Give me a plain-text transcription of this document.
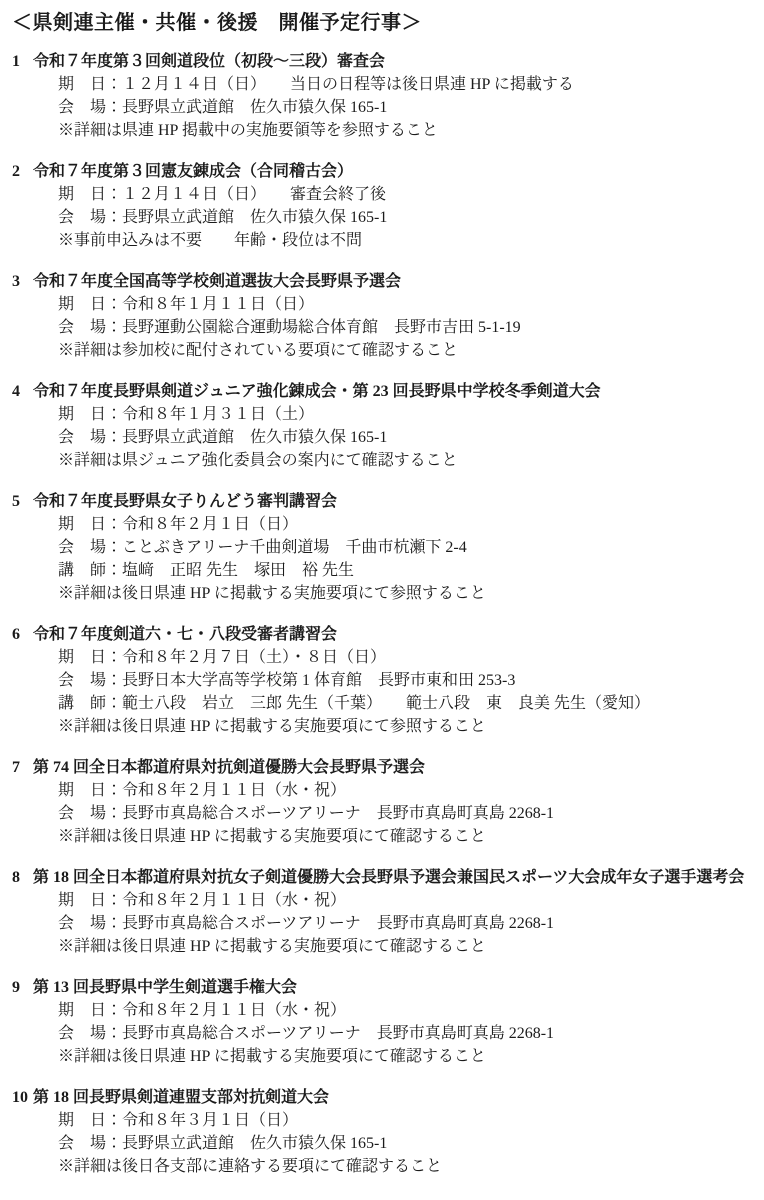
＜県剣連主催・共催・後援　開催予定行事＞
1 令和７年度第３回剣道段位（初段～三段）審査会

期　日：１２月１４日（日）　　当日の日程等は後日県連 HP に掲載する

会　場：長野県立武道館　佐久市猿久保 165-1

※詳細は県連 HP 掲載中の実施要領等を参照すること

2 令和７年度第３回憲友錬成会（合同稽古会）

期　日：１２月１４日（日）　　審査会終了後

会　場：長野県立武道館　佐久市猿久保 165-1

※事前申込みは不要　　年齢・段位は不問

3 令和７年度全国高等学校剣道選抜大会長野県予選会

期　日：令和８年１月１１日（日）

会　場：長野運動公園総合運動場総合体育館　長野市吉田 5-1-19

※詳細は参加校に配付されている要項にて確認すること

4 令和７年度長野県剣道ジュニア強化錬成会・第 23 回長野県中学校冬季剣道大会

期　日：令和８年１月３１日（土）

会　場：長野県立武道館　佐久市猿久保 165-1

※詳細は県ジュニア強化委員会の案内にて確認すること

5 令和７年度長野県女子りんどう審判講習会

期　日：令和８年２月１日（日）

会　場：ことぶきアリーナ千曲剣道場　千曲市杭瀬下 2-4

講　師：塩﨑　正昭 先生　塚田　裕 先生

※詳細は後日県連 HP に掲載する実施要項にて参照すること

6 令和７年度剣道六・七・八段受審者講習会

期　日：令和８年２月７日（土）・８日（日）

会　場：長野日本大学高等学校第 1 体育館　長野市東和田 253-3

講　師：範士八段　岩立　三郎 先生（千葉）　　範士八段　東　良美 先生（愛知）

※詳細は後日県連 HP に掲載する実施要項にて参照すること

7 第 74 回全日本都道府県対抗剣道優勝大会長野県予選会

期　日：令和８年２月１１日（水・祝）

会　場：長野市真島総合スポーツアリーナ　長野市真島町真島 2268-1

※詳細は後日県連 HP に掲載する実施要項にて確認すること

8 第 18 回全日本都道府県対抗女子剣道優勝大会長野県予選会兼国民スポーツ大会成年女子選手選考会

期　日：令和８年２月１１日（水・祝）

会　場：長野市真島総合スポーツアリーナ　長野市真島町真島 2268-1

※詳細は後日県連 HP に掲載する実施要項にて確認すること

9 第 13 回長野県中学生剣道選手権大会

期　日：令和８年２月１１日（水・祝）

会　場：長野市真島総合スポーツアリーナ　長野市真島町真島 2268-1

※詳細は後日県連 HP に掲載する実施要項にて確認すること

10 第 18 回長野県剣道連盟支部対抗剣道大会

期　日：令和８年３月１日（日）

会　場：長野県立武道館　佐久市猿久保 165-1

※詳細は後日各支部に連絡する要項にて確認すること
